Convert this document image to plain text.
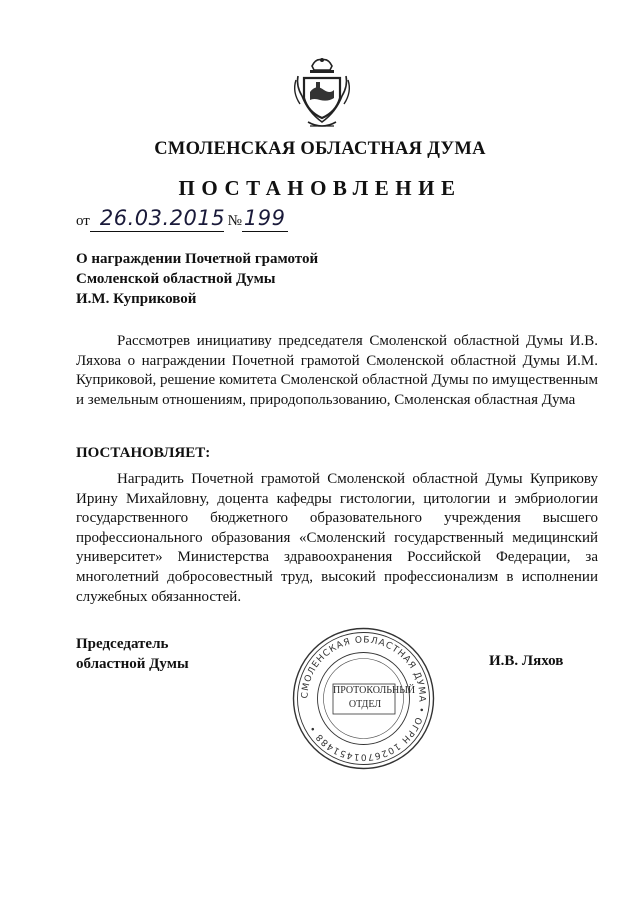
СМОЛЕНСКАЯ ОБЛАСТНАЯ ДУМА
ПОСТАНОВЛЕНИЕ
от 26.03.2015 №199
О награждении Почетной грамотой
Смоленской областной Думы
И.М. Куприковой
Рассмотрев инициативу председателя Смоленской областной Думы И.В. Ляхова о награждении Почетной грамотой Смоленской областной Думы И.М. Куприковой, решение комитета Смоленской областной Думы по имущественным и земельным отношениям, природопользованию, Смоленская областная Дума
ПОСТАНОВЛЯЕТ:
Наградить Почетной грамотой Смоленской областной Думы Куприкову Ирину Михайловну, доцента кафедры гистологии, цитологии и эмбриологии государственного бюджетного образовательного учреждения высшего профессионального образования «Смоленский государственный медицинский университет» Министерства здравоохранения Российской Федерации, за многолетний добросовестный труд, высокий профессионализм в исполнении служебных обязанностей.
Председатель
областной Думы
СМОЛЕНСКАЯ ОБЛАСТНАЯ ДУМА • ОГРН 1026701451488 •
ПРОТОКОЛЬНЫЙ
ОТДЕЛ
И.В. Ляхов
